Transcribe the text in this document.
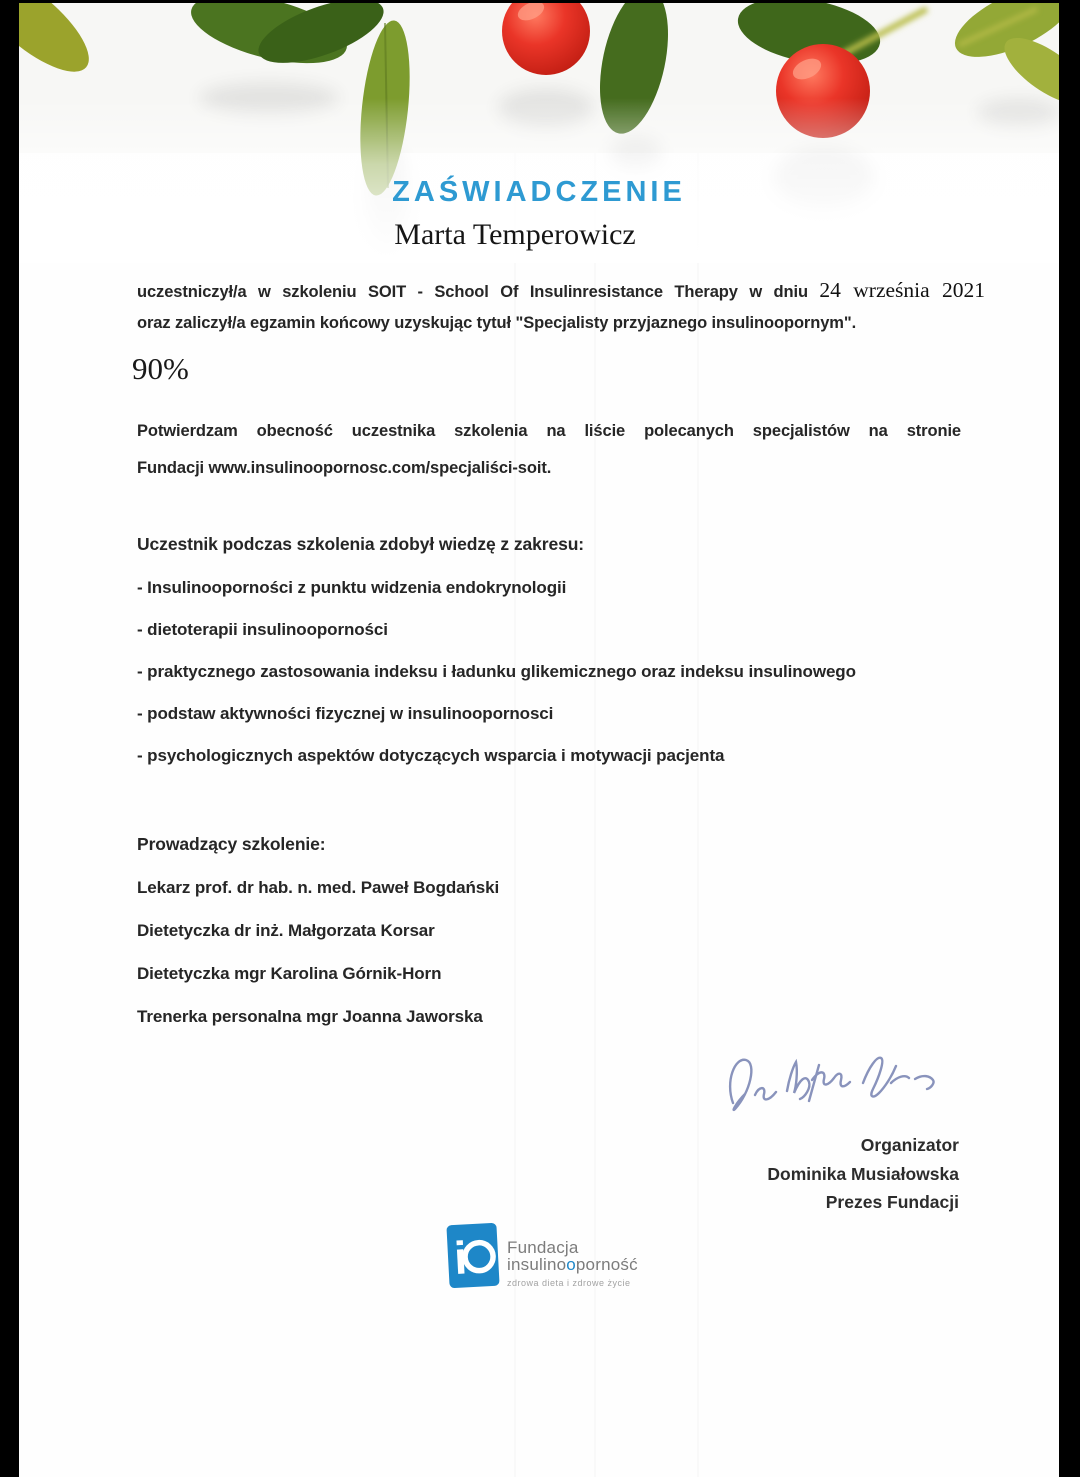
ZAŚWIADCZENIE
Marta Temperowicz
uczestniczył/a w szkoleniu SOIT - School Of Insulinresistance Therapy w dniu 24 września 2021
oraz zaliczył/a egzamin końcowy uzyskując tytuł "Specjalisty przyjaznego insulinoopornym".
90%
Potwierdzam obecność uczestnika szkolenia na liście polecanych specjalistów na stronie
Fundacji www.insulinoopornosc.com/specjaliści-soit.
Uczestnik podczas szkolenia zdobył wiedzę z zakresu:
- Insulinooporności z punktu widzenia endokrynologii
- dietoterapii insulinooporności
- praktycznego zastosowania indeksu i ładunku glikemicznego oraz indeksu insulinowego
- podstaw aktywności fizycznej w insulinoopornosci
- psychologicznych aspektów dotyczących wsparcia i motywacji pacjenta
Prowadzący szkolenie:
Lekarz prof. dr hab. n. med. Paweł Bogdański
Dietetyczka dr inż. Małgorzata Korsar
Dietetyczka mgr Karolina Górnik-Horn
Trenerka personalna mgr Joanna Jaworska
Organizator
Dominika Musiałowska
Prezes Fundacji
i Fundacja
insulinooporność
zdrowa dieta i zdrowe życie
